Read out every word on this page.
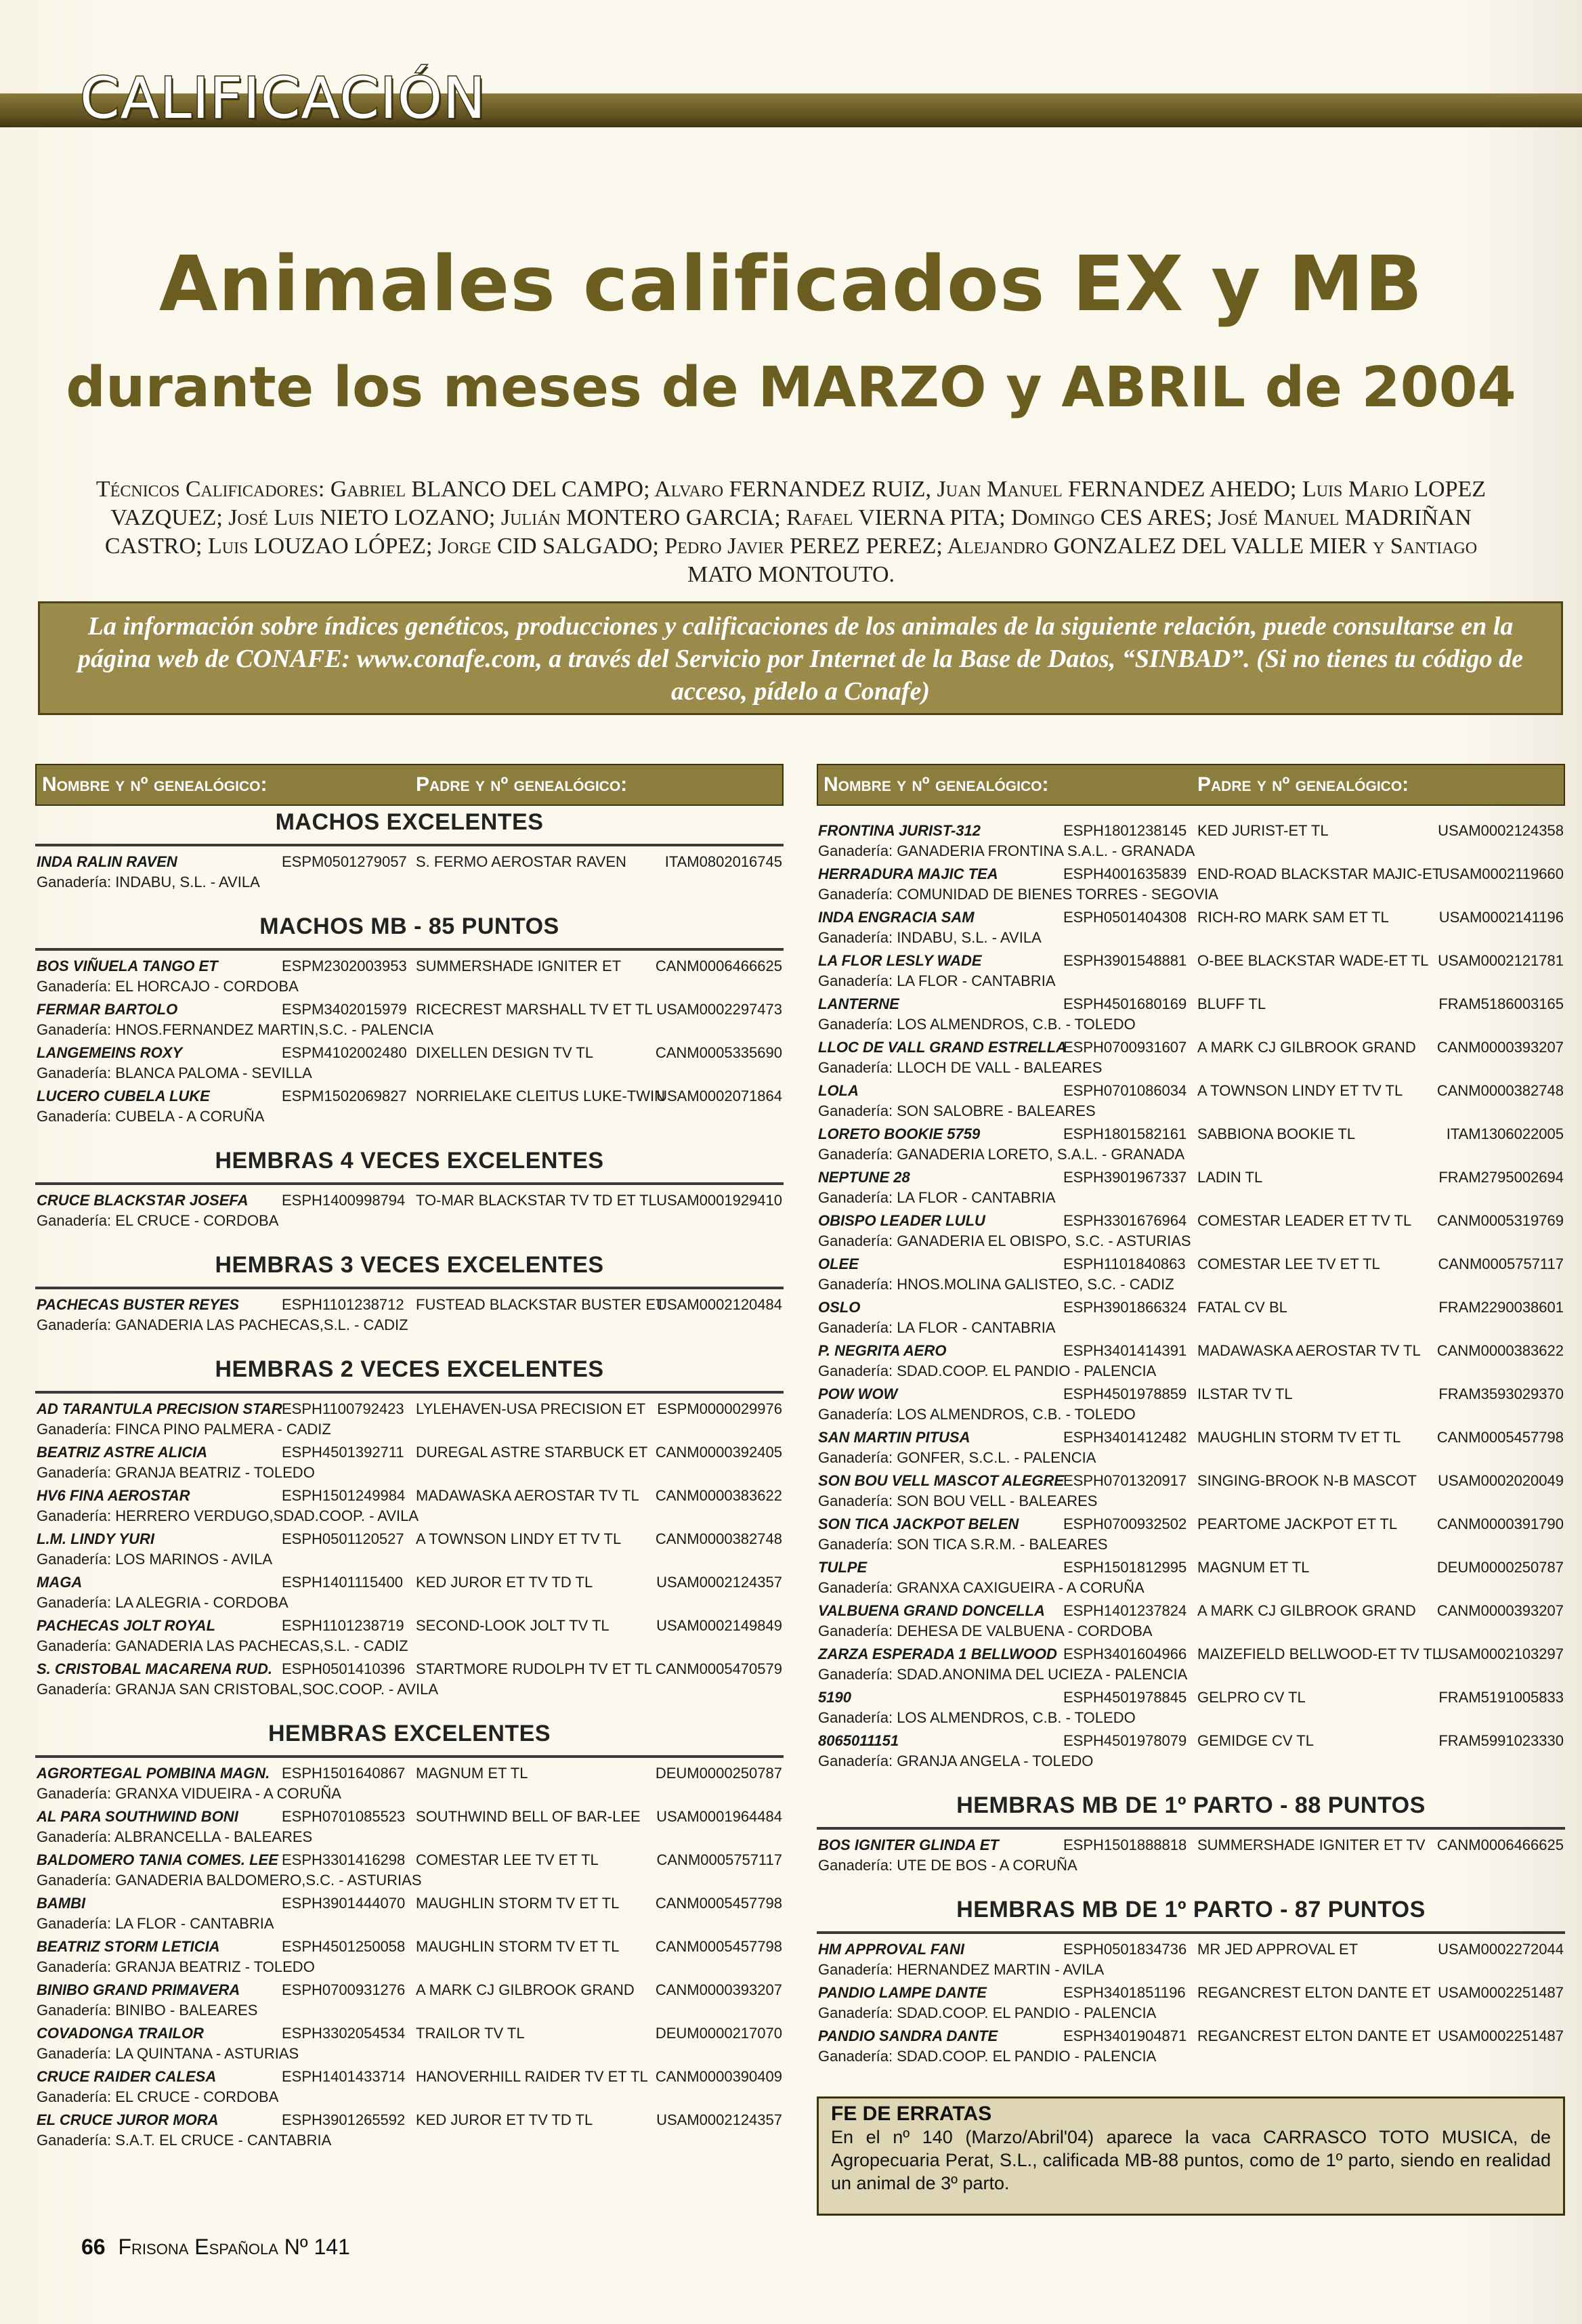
CALIFICACIÓN
Animales calificados EX y MB
durante los meses de MARZO y ABRIL de 2004
Técnicos Calificadores: Gabriel BLANCO DEL CAMPO; Alvaro FERNANDEZ RUIZ, Juan Manuel FERNANDEZ AHEDO; Luis Mario LOPEZ VAZQUEZ; José Luis NIETO LOZANO; Julián MONTERO GARCIA; Rafael VIERNA PITA; Domingo CES ARES; José Manuel MADRIÑAN CASTRO; Luis LOUZAO LÓPEZ; Jorge CID SALGADO; Pedro Javier PEREZ PEREZ; Alejandro GONZALEZ DEL VALLE MIER y Santiago MATO MONTOUTO.
La información sobre índices genéticos, producciones y calificaciones de los animales de la siguiente relación, puede consultarse en la página web de CONAFE: www.conafe.com, a través del Servicio por Internet de la Base de Datos, “SINBAD”. (Si no tienes tu código de acceso, pídelo a Conafe)
Nombre y nº genealógico:	Padre y nº genealógico:
MACHOS EXCELENTES
INDA RALIN RAVEN	ESPM0501279057 S. FERMO AEROSTAR RAVEN	ITAM0802016745
Ganadería: INDABU, S.L. - AVILA
MACHOS MB - 85 PUNTOS
BOS VIÑUELA TANGO ET	ESPM2302003953 SUMMERSHADE IGNITER ET CANM0006466625
Ganadería: EL HORCAJO - CORDOBA
FERMAR BARTOLO	ESPM3402015979 RICECREST MARSHALL TV ET TL USAM0002297473
Ganadería: HNOS.FERNANDEZ MARTIN,S.C. - PALENCIA
LANGEMEINS ROXY	ESPM4102002480 DIXELLEN DESIGN TV TL	CANM0005335690
Ganadería: BLANCA PALOMA - SEVILLA
LUCERO CUBELA LUKE	ESPM1502069827 NORRIELAKE CLEITUS LUKE-TWIN
USAM0002071864
Ganadería: CUBELA - A CORUÑA
HEMBRAS 4 VECES EXCELENTES
CRUCE BLACKSTAR JOSEFA ESPH1400998794 TO-MAR BLACKSTAR TV TD ET TL USAM0001929410
Ganadería: EL CRUCE - CORDOBA
HEMBRAS 3 VECES EXCELENTES
PACHECAS BUSTER REYES	ESPH1101238712 FUSTEAD BLACKSTAR BUSTER ET
USAM0002120484
Ganadería: GANADERIA LAS PACHECAS,S.L. - CADIZ
HEMBRAS 2 VECES EXCELENTES
AD TARANTULA PRECISION STAR ESPH1100792423 LYLEHAVEN-USA PRECISION ET ESPM0000029976
Ganadería: FINCA PINO PALMERA - CADIZ
BEATRIZ ASTRE ALICIA	ESPH4501392711 DUREGAL ASTRE STARBUCK ET CANM0000392405
Ganadería: GRANJA BEATRIZ - TOLEDO
HV6 FINA AEROSTAR	ESPH1501249984 MADAWASKA AEROSTAR TV TL CANM0000383622
Ganadería: HERRERO VERDUGO,SDAD.COOP. - AVILA
L.M. LINDY YURI	ESPH0501120527 A TOWNSON LINDY ET TV TL CANM0000382748
Ganadería: LOS MARINOS - AVILA
MAGA	ESPH1401115400 KED JUROR ET TV TD TL	USAM0002124357
Ganadería: LA ALEGRIA - CORDOBA
PACHECAS JOLT ROYAL	ESPH1101238719 SECOND-LOOK JOLT TV TL	USAM0002149849
Ganadería: GANADERIA LAS PACHECAS,S.L. - CADIZ
S. CRISTOBAL MACARENA RUD. ESPH0501410396 STARTMORE RUDOLPH TV ET TL CANM0005470579
Ganadería: GRANJA SAN CRISTOBAL,SOC.COOP. - AVILA
HEMBRAS EXCELENTES
AGRORTEGAL POMBINA MAGN. ESPH1501640867 MAGNUM ET TL	DEUM0000250787
Ganadería: GRANXA VIDUEIRA - A CORUÑA
AL PARA SOUTHWIND BONI	ESPH0701085523 SOUTHWIND BELL OF BAR-LEE USAM0001964484
Ganadería: ALBRANCELLA - BALEARES
BALDOMERO TANIA COMES. LEE ESPH3301416298 COMESTAR LEE TV ET TL	CANM0005757117
Ganadería: GANADERIA BALDOMERO,S.C. - ASTURIAS
BAMBI	ESPH3901444070 MAUGHLIN STORM TV ET TL CANM0005457798
Ganadería: LA FLOR - CANTABRIA
BEATRIZ STORM LETICIA	ESPH4501250058 MAUGHLIN STORM TV ET TL CANM0005457798
Ganadería: GRANJA BEATRIZ - TOLEDO
BINIBO GRAND PRIMAVERA	ESPH0700931276 A MARK CJ GILBROOK GRAND CANM0000393207
Ganadería: BINIBO - BALEARES
COVADONGA TRAILOR	ESPH3302054534 TRAILOR TV TL	DEUM0000217070
Ganadería: LA QUINTANA - ASTURIAS
CRUCE RAIDER CALESA	ESPH1401433714 HANOVERHILL RAIDER TV ET TL CANM0000390409
Ganadería: EL CRUCE - CORDOBA
EL CRUCE JUROR MORA	ESPH3901265592 KED JUROR ET TV TD TL	USAM0002124357
Ganadería: S.A.T. EL CRUCE - CANTABRIA
Nombre y nº genealógico:	Padre y nº genealógico:
FRONTINA JURIST-312	ESPH1801238145 KED JURIST-ET TL	USAM0002124358
Ganadería: GANADERIA FRONTINA S.A.L. - GRANADA
HERRADURA MAJIC TEA	ESPH4001635839 END-ROAD BLACKSTAR MAJIC-ET
USAM0002119660
Ganadería: COMUNIDAD DE BIENES TORRES - SEGOVIA
INDA ENGRACIA SAM	ESPH0501404308 RICH-RO MARK SAM ET TL	USAM0002141196
Ganadería: INDABU, S.L. - AVILA
LA FLOR LESLY WADE	ESPH3901548881 O-BEE BLACKSTAR WADE-ET TL USAM0002121781
Ganadería: LA FLOR - CANTABRIA
LANTERNE	ESPH4501680169 BLUFF TL	FRAM5186003165
Ganadería: LOS ALMENDROS, C.B. - TOLEDO
LLOC DE VALL GRAND ESTRELLA
ESPH0700931607 A MARK CJ GILBROOK GRAND CANM0000393207
Ganadería: LLOCH DE VALL - BALEARES
LOLA	ESPH0701086034 A TOWNSON LINDY ET TV TL CANM0000382748
Ganadería: SON SALOBRE - BALEARES
LORETO BOOKIE 5759	ESPH1801582161 SABBIONA BOOKIE TL	ITAM1306022005
Ganadería: GANADERIA LORETO, S.A.L. - GRANADA
NEPTUNE 28	ESPH3901967337 LADIN TL	FRAM2795002694
Ganadería: LA FLOR - CANTABRIA
OBISPO LEADER LULU	ESPH3301676964 COMESTAR LEADER ET TV TL CANM0005319769
Ganadería: GANADERIA EL OBISPO, S.C. - ASTURIAS
OLEE	ESPH1101840863 COMESTAR LEE TV ET TL	CANM0005757117
Ganadería: HNOS.MOLINA GALISTEO, S.C. - CADIZ
OSLO	ESPH3901866324 FATAL CV BL	FRAM2290038601
Ganadería: LA FLOR - CANTABRIA
P. NEGRITA AERO	ESPH3401414391 MADAWASKA AEROSTAR TV TL CANM0000383622
Ganadería: SDAD.COOP. EL PANDIO - PALENCIA
POW WOW	ESPH4501978859 ILSTAR TV TL	FRAM3593029370
Ganadería: LOS ALMENDROS, C.B. - TOLEDO
SAN MARTIN PITUSA	ESPH3401412482 MAUGHLIN STORM TV ET TL CANM0005457798
Ganadería: GONFER, S.C.L. - PALENCIA
SON BOU VELL MASCOT ALEGRE
ESPH0701320917 SINGING-BROOK N-B MASCOT USAM0002020049
Ganadería: SON BOU VELL - BALEARES
SON TICA JACKPOT BELEN	ESPH0700932502 PEARTOME JACKPOT ET TL	CANM0000391790
Ganadería: SON TICA S.R.M. - BALEARES
TULPE	ESPH1501812995 MAGNUM ET TL	DEUM0000250787
Ganadería: GRANXA CAXIGUEIRA - A CORUÑA
VALBUENA GRAND DONCELLA ESPH1401237824 A MARK CJ GILBROOK GRAND CANM0000393207
Ganadería: DEHESA DE VALBUENA - CORDOBA
ZARZA ESPERADA 1 BELLWOOD ESPH3401604966 MAIZEFIELD BELLWOOD-ET TV TL
USAM0002103297
Ganadería: SDAD.ANONIMA DEL UCIEZA - PALENCIA
5190	ESPH4501978845 GELPRO CV TL	FRAM5191005833
Ganadería: LOS ALMENDROS, C.B. - TOLEDO
8065011151	ESPH4501978079 GEMIDGE CV TL	FRAM5991023330
Ganadería: GRANJA ANGELA - TOLEDO
HEMBRAS MB DE 1º PARTO - 88 PUNTOS
BOS IGNITER GLINDA ET	ESPH1501888818 SUMMERSHADE IGNITER ET TV CANM0006466625
Ganadería: UTE DE BOS - A CORUÑA
HEMBRAS MB DE 1º PARTO - 87 PUNTOS
HM APPROVAL FANI	ESPH0501834736 MR JED APPROVAL ET	USAM0002272044
Ganadería: HERNANDEZ MARTIN - AVILA
PANDIO LAMPE DANTE	ESPH3401851196 REGANCREST ELTON DANTE ET USAM0002251487
Ganadería: SDAD.COOP. EL PANDIO - PALENCIA
PANDIO SANDRA DANTE	ESPH3401904871 REGANCREST ELTON DANTE ET USAM0002251487
Ganadería: SDAD.COOP. EL PANDIO - PALENCIA
FE DE ERRATAS
En el nº 140 (Marzo/Abril'04) aparece la vaca CARRASCO TOTO MUSICA, de Agropecuaria Perat, S.L., calificada MB-88 puntos, como de 1º parto, siendo en realidad un animal de 3º parto.
66 Frisona Española Nº 141
